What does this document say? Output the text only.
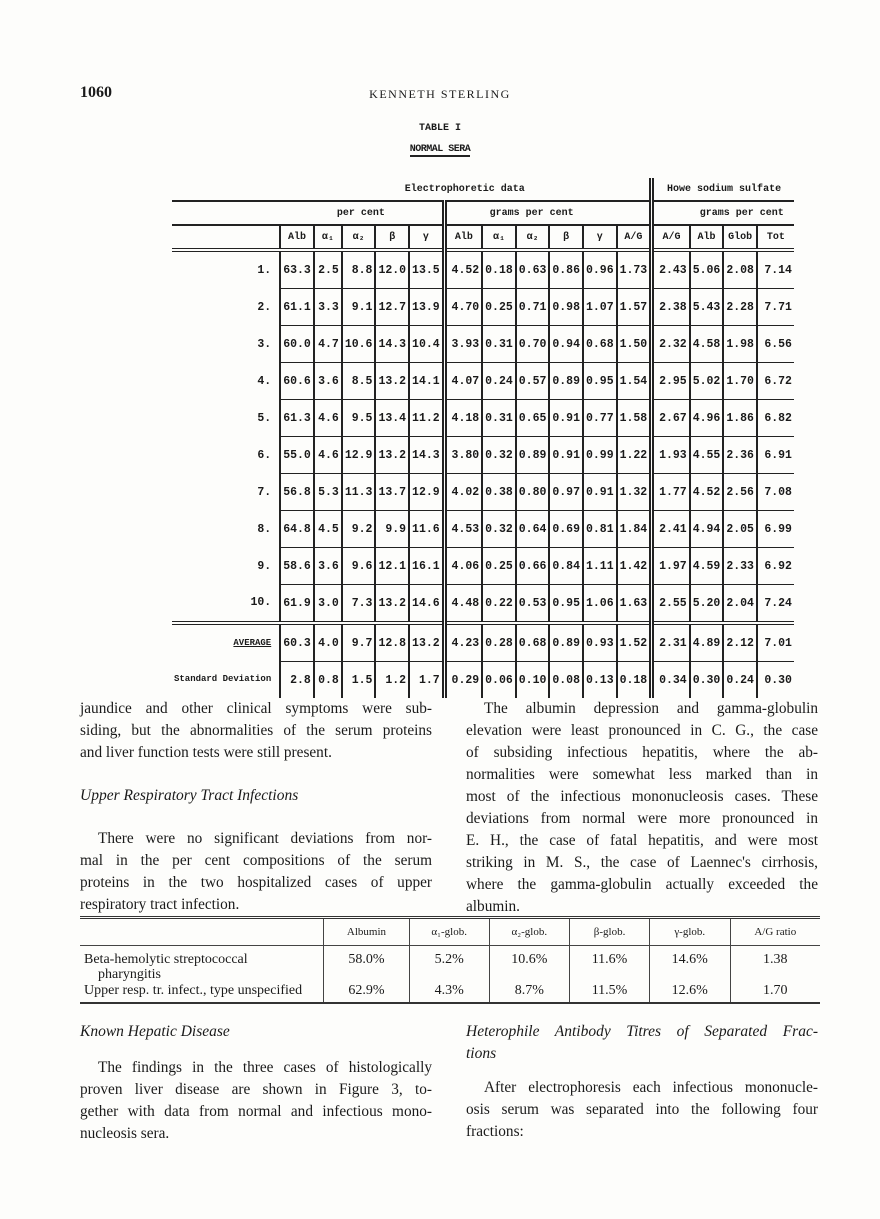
1060	KENNETH STERLING
TABLE I
NORMAL SERA
	Electrophoretic data											Howe sodium sulfate			
	per cent					grams per cent							grams per cent		
	Alb	α₁	α₂	β	γ	Alb	α₁	α₂	β	γ	A/G	A/G	Alb	Glob	Tot
1.	63.3	2.5	8.8	12.0	13.5	4.52	0.18	0.63	0.86	0.96	1.73	2.43	5.06	2.08	7.14
2.	61.1	3.3	9.1	12.7	13.9	4.70	0.25	0.71	0.98	1.07	1.57	2.38	5.43	2.28	7.71
3.	60.0	4.7	10.6	14.3	10.4	3.93	0.31	0.70	0.94	0.68	1.50	2.32	4.58	1.98	6.56
4.	60.6	3.6	8.5	13.2	14.1	4.07	0.24	0.57	0.89	0.95	1.54	2.95	5.02	1.70	6.72
5.	61.3	4.6	9.5	13.4	11.2	4.18	0.31	0.65	0.91	0.77	1.58	2.67	4.96	1.86	6.82
6.	55.0	4.6	12.9	13.2	14.3	3.80	0.32	0.89	0.91	0.99	1.22	1.93	4.55	2.36	6.91
7.	56.8	5.3	11.3	13.7	12.9	4.02	0.38	0.80	0.97	0.91	1.32	1.77	4.52	2.56	7.08
8.	64.8	4.5	9.2	9.9	11.6	4.53	0.32	0.64	0.69	0.81	1.84	2.41	4.94	2.05	6.99
9.	58.6	3.6	9.6	12.1	16.1	4.06	0.25	0.66	0.84	1.11	1.42	1.97	4.59	2.33	6.92
10.	61.9	3.0	7.3	13.2	14.6	4.48	0.22	0.53	0.95	1.06	1.63	2.55	5.20	2.04	7.24
AVERAGE	60.3	4.0	9.7	12.8	13.2	4.23	0.28	0.68	0.89	0.93	1.52	2.31	4.89	2.12	7.01
Standard Deviation	2.8	0.8	1.5	1.2	1.7	0.29	0.06	0.10	0.08	0.13	0.18	0.34	0.30	0.24	0.30
jaundice and other clinical symptoms were sub-
siding, but the abnormalities of the serum proteins
and liver function tests were still present.
Upper Respiratory Tract Infections
There were no significant deviations from nor-
mal in the per cent compositions of the serum
proteins in the two hospitalized cases of upper
respiratory tract infection.
The albumin depression and gamma-globulin
elevation were least pronounced in C. G., the case
of subsiding infectious hepatitis, where the ab-
normalities were somewhat less marked than in
most of the infectious mononucleosis cases. These
deviations from normal were more pronounced in
E. H., the case of fatal hepatitis, and were most
striking in M. S., the case of Laennec's cirrhosis,
where the gamma-globulin actually exceeded the
albumin.
	Albumin	α₁-glob.	α₂-glob.	β-glob.	γ-glob.	A/G ratio
Beta-hemolytic streptococcal
pharyngitis	58.0%	5.2%	10.6%	11.6%	14.6%	1.38
Upper resp. tr. infect., type unspecified	62.9%	4.3%	8.7%	11.5%	12.6%	1.70
Known Hepatic Disease
The findings in the three cases of histologically
proven liver disease are shown in Figure 3, to-
gether with data from normal and infectious mono-
nucleosis sera.
Heterophile Antibody Titres of Separated Frac-
tions
After electrophoresis each infectious mononucle-
osis serum was separated into the following four
fractions:
